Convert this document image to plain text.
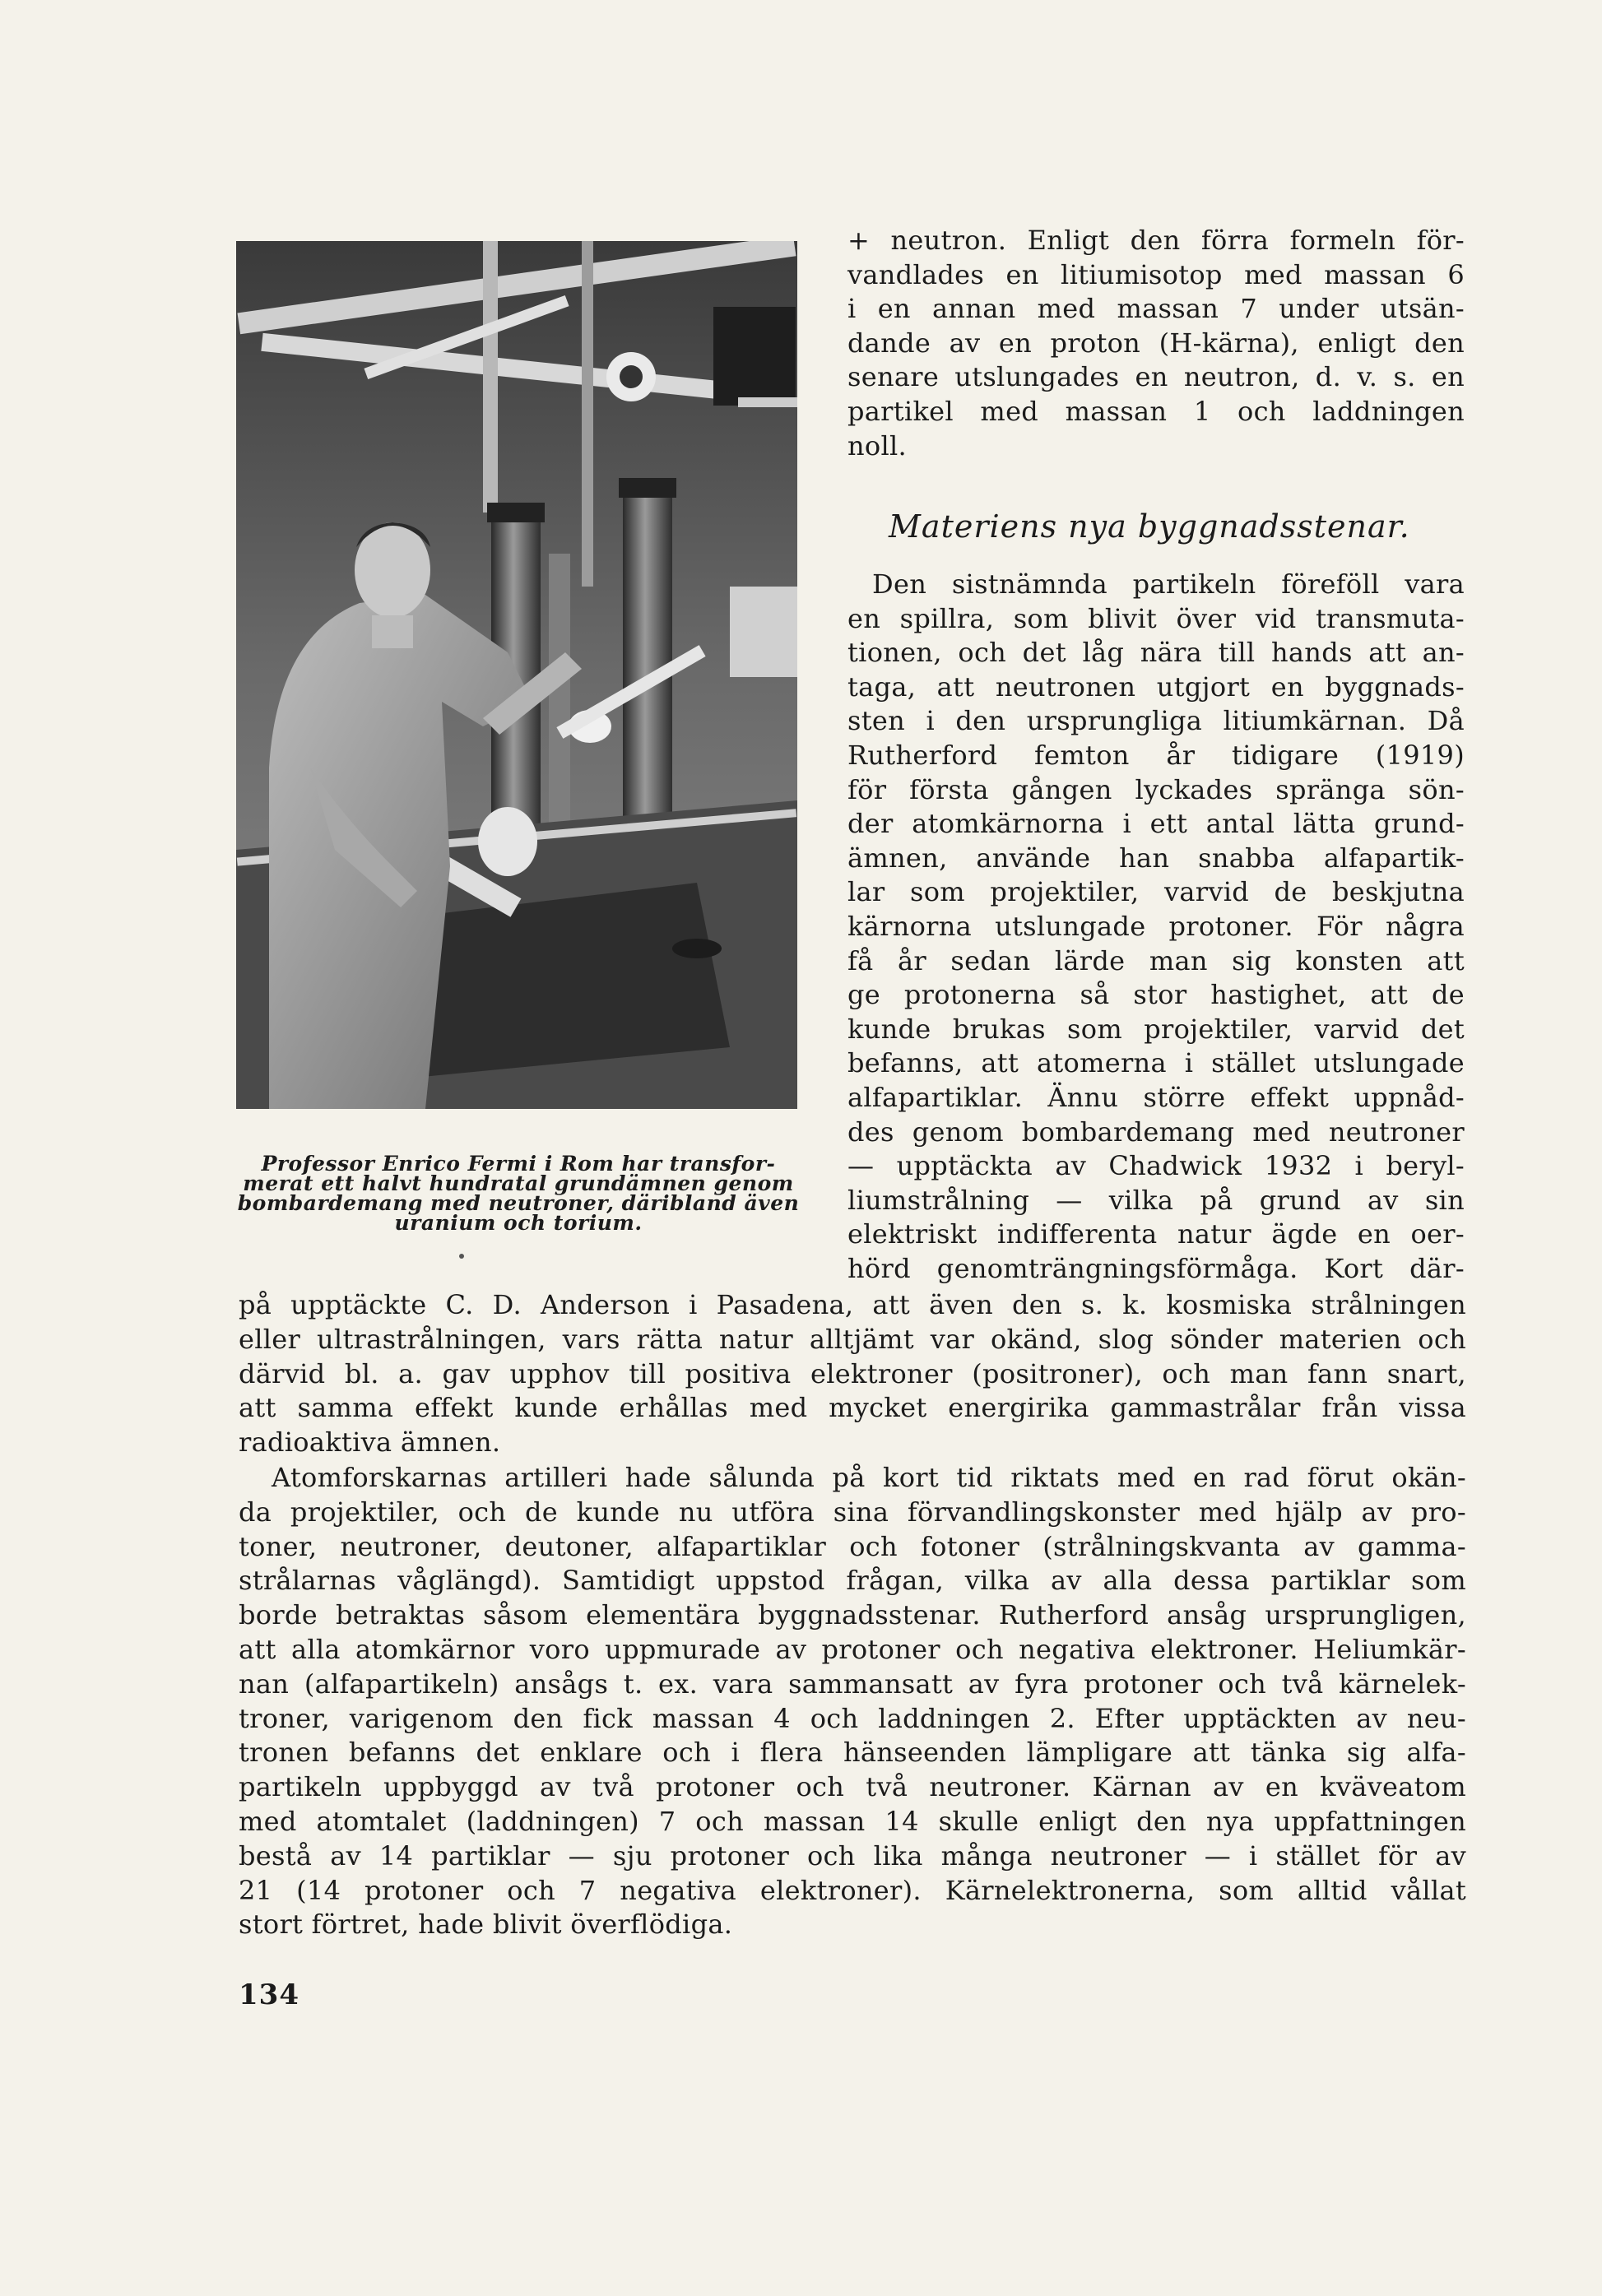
Professor Enrico Fermi i Rom har transfor-
merat ett halvt hundratal grundämnen genom
bombardemang med neutroner, däribland även
uranium och torium.
+ neutron. Enligt den förra formeln för-
vandlades en litiumisotop med massan 6
i en annan med massan 7 under utsän-
dande av en proton (H-kärna), enligt den
senare utslungades en neutron, d. v. s. en
partikel med massan 1 och laddningen
noll.
Materiens nya byggnadsstenar.
Den sistnämnda partikeln föreföll vara
en spillra, som blivit över vid transmuta-
tionen, och det låg nära till hands att an-
taga, att neutronen utgjort en byggnads-
sten i den ursprungliga litiumkärnan. Då
Rutherford femton år tidigare (1919)
för första gången lyckades spränga sön-
der atomkärnorna i ett antal lätta grund-
ämnen, använde han snabba alfapartik-
lar som projektiler, varvid de beskjutna
kärnorna utslungade protoner. För några
få år sedan lärde man sig konsten att
ge protonerna så stor hastighet, att de
kunde brukas som projektiler, varvid det
befanns, att atomerna i stället utslungade
alfapartiklar. Ännu större effekt uppnåd-
des genom bombardemang med neutroner
— upptäckta av Chadwick 1932 i beryl-
liumstrålning — vilka på grund av sin
elektriskt indifferenta natur ägde en oer-
hörd genomträngningsförmåga. Kort där-
på upptäckte C. D. Anderson i Pasadena, att även den s. k. kosmiska strålningen
eller ultrastrålningen, vars rätta natur alltjämt var okänd, slog sönder materien och
därvid bl. a. gav upphov till positiva elektroner (positroner), och man fann snart,
att samma effekt kunde erhållas med mycket energirika gammastrålar från vissa
radioaktiva ämnen.
Atomforskarnas artilleri hade sålunda på kort tid riktats med en rad förut okän-
da projektiler, och de kunde nu utföra sina förvandlingskonster med hjälp av pro-
toner, neutroner, deutoner, alfapartiklar och fotoner (strålningskvanta av gamma-
strålarnas våglängd). Samtidigt uppstod frågan, vilka av alla dessa partiklar som
borde betraktas såsom elementära byggnadsstenar. Rutherford ansåg ursprungligen,
att alla atomkärnor voro uppmurade av protoner och negativa elektroner. Heliumkär-
nan (alfapartikeln) ansågs t. ex. vara sammansatt av fyra protoner och två kärnelek-
troner, varigenom den fick massan 4 och laddningen 2. Efter upptäckten av neu-
tronen befanns det enklare och i flera hänseenden lämpligare att tänka sig alfa-
partikeln uppbyggd av två protoner och två neutroner. Kärnan av en kväveatom
med atomtalet (laddningen) 7 och massan 14 skulle enligt den nya uppfattningen
bestå av 14 partiklar — sju protoner och lika många neutroner — i stället för av
21 (14 protoner och 7 negativa elektroner). Kärnelektronerna, som alltid vållat
stort förtret, hade blivit överflödiga.
134
